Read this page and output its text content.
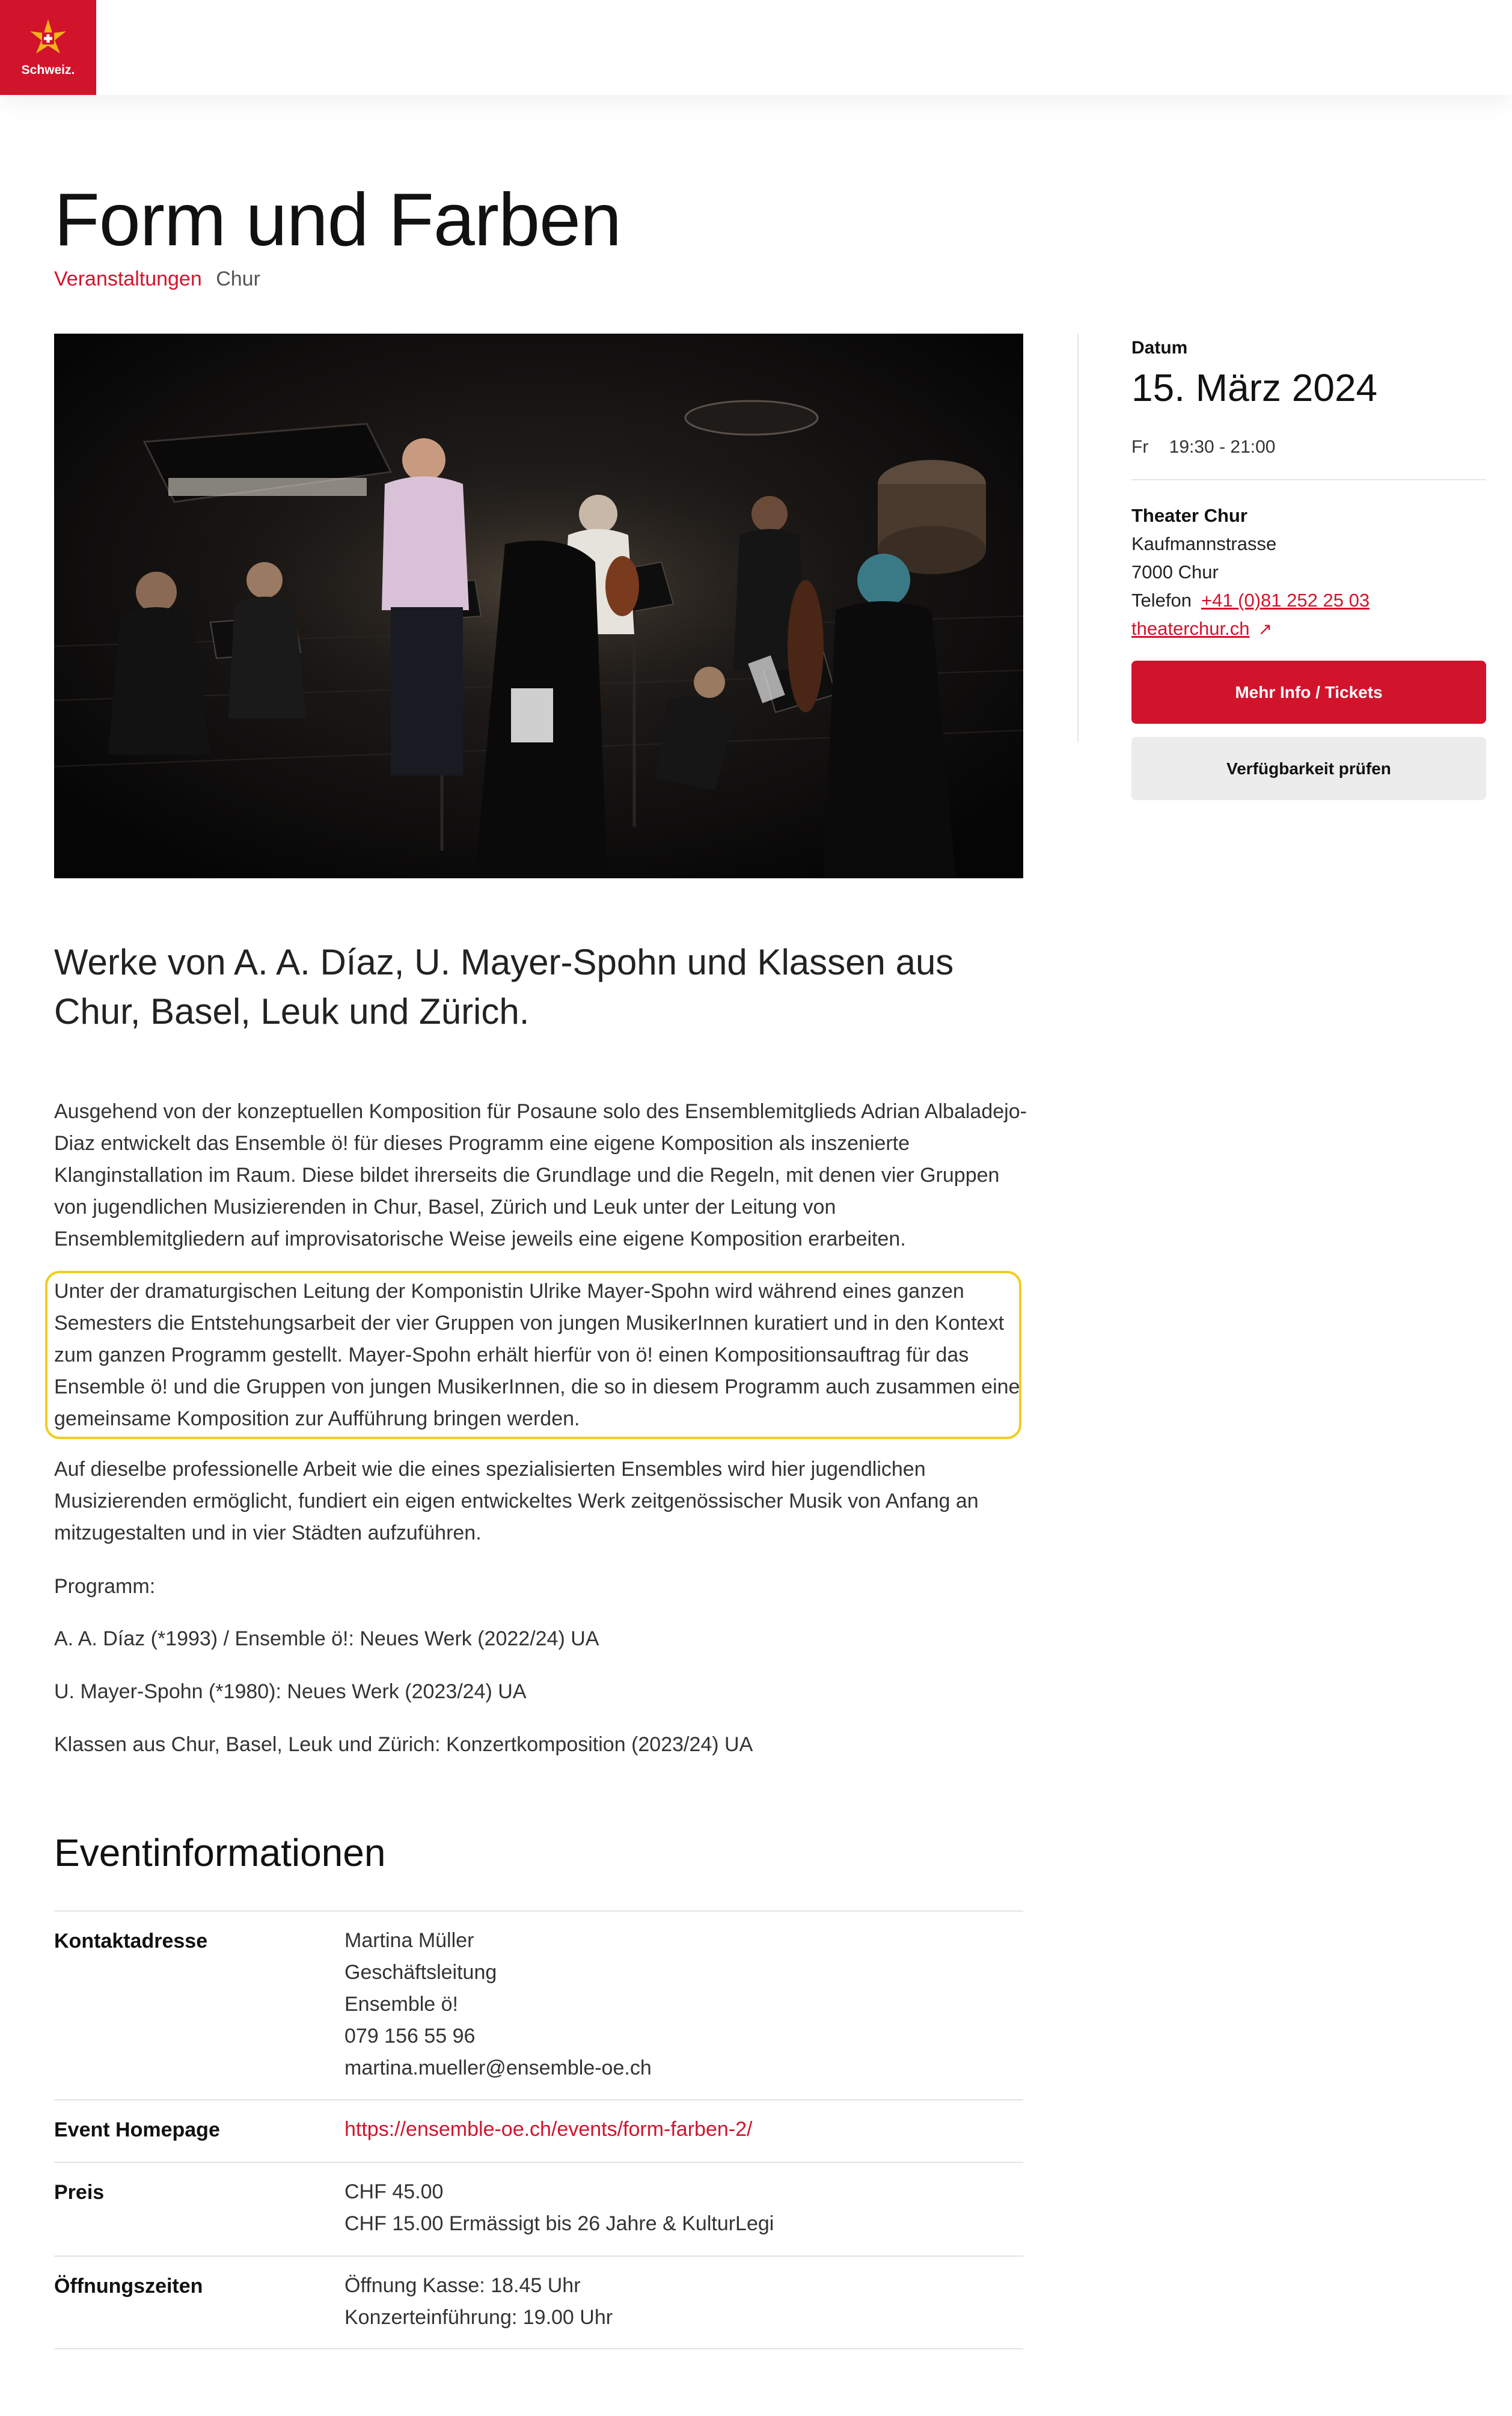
Schweiz.
Form und Farben
Veranstaltungen Chur
Datum
15. März 2024
Fr 19:30 - 21:00
Theater Chur
Kaufmannstrasse
7000 Chur
Telefon +41 (0)81 252 25 03
theaterchur.ch ↗
Mehr Info / Tickets
Verfügbarkeit prüfen
Werke von A. A. Díaz, U. Mayer-Spohn und Klassen aus Chur, Basel, Leuk und Zürich.

Ausgehend von der konzeptuellen Komposition für Posaune solo des Ensemblemitglieds Adrian Albaladejo-Diaz entwickelt das Ensemble ö! für dieses Programm eine eigene Komposition als inszenierte Klanginstallation im Raum. Diese bildet ihrerseits die Grundlage und die Regeln, mit denen vier Gruppen von jugendlichen Musizierenden in Chur, Basel, Zürich und Leuk unter der Leitung von Ensemblemitgliedern auf improvisatorische Weise jeweils eine eigene Komposition erarbeiten.

Unter der dramaturgischen Leitung der Komponistin Ulrike Mayer-Spohn wird während eines ganzen Semesters die Entstehungsarbeit der vier Gruppen von jungen MusikerInnen kuratiert und in den Kontext zum ganzen Programm gestellt. Mayer-Spohn erhält hierfür von ö! einen Kompositionsauftrag für das Ensemble ö! und die Gruppen von jungen MusikerInnen, die so in diesem Programm auch zusammen eine gemeinsame Komposition zur Aufführung bringen werden.

Auf dieselbe professionelle Arbeit wie die eines spezialisierten Ensembles wird hier jugendlichen Musizierenden ermöglicht, fundiert ein eigen entwickeltes Werk zeitgenössischer Musik von Anfang an mitzugestalten und in vier Städten aufzuführen.

Programm:

A. A. Díaz (*1993) / Ensemble ö!: Neues Werk (2022/24) UA

U. Mayer-Spohn (*1980): Neues Werk (2023/24) UA

Klassen aus Chur, Basel, Leuk und Zürich: Konzertkomposition (2023/24) UA

Eventinformationen
Kontaktadresse	Martina Müller
Geschäftsleitung
Ensemble ö!
079 156 55 96
martina.mueller@ensemble-oe.ch
Event Homepage	https://ensemble-oe.ch/events/form-farben-2/
Preis	CHF 45.00
CHF 15.00 Ermässigt bis 26 Jahre & KulturLegi
Öffnungszeiten	Öffnung Kasse: 18.45 Uhr
Konzerteinführung: 19.00 Uhr
